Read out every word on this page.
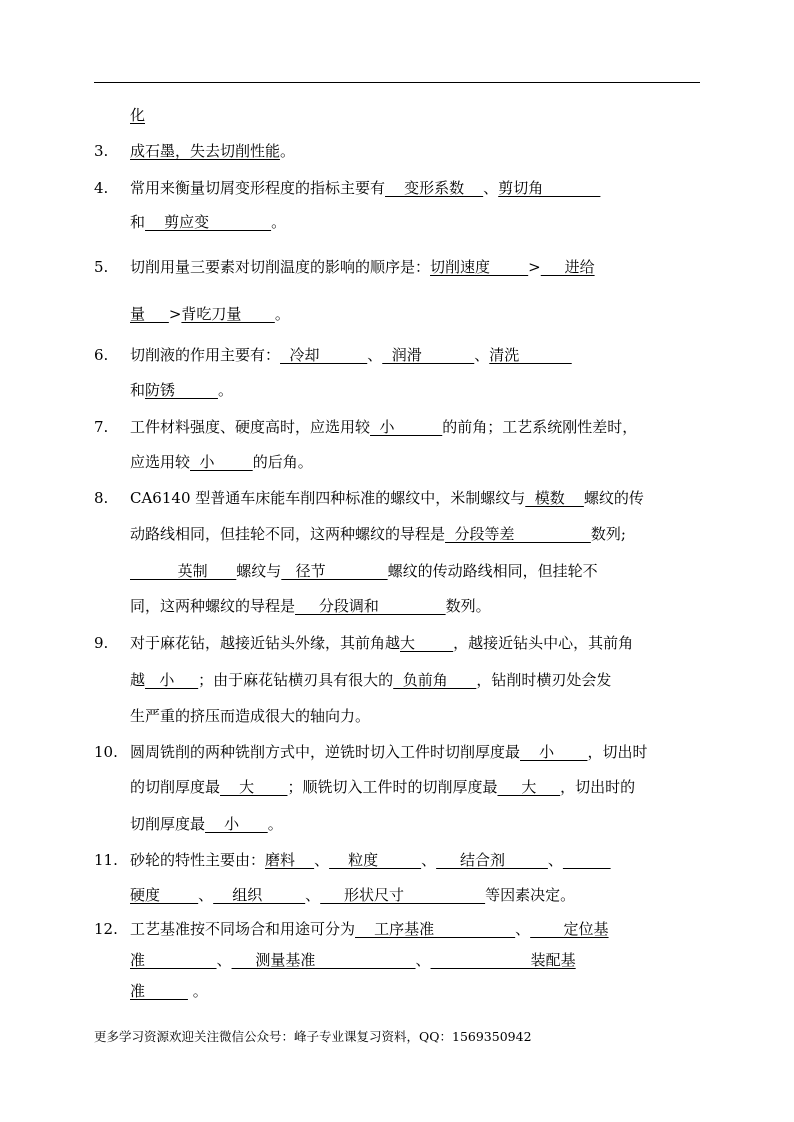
化
3. 成石墨，失去切削性能。
4. 常用来衡量切屑变形程度的指标主要有    变形系数    、剪切角
和    剪应变             。
5. 切削用量三要素对切削温度的影响的顺序是：切削速度        >     进给
量     >背吃刀量       。
6. 切削液的作用主要有：  冷却          、  润滑           、清洗
和防锈         。
7. 工件材料强度、硬度高时，应选用较  小          的前角；工艺系统刚性差时，
应选用较  小        的后角。
8. CA6140 型普通车床能车削四种标准的螺纹中，米制螺纹与  模数    螺纹的传
动路线相同，但挂轮不同，这两种螺纹的导程是  分段等差                数列;
英制      螺纹与   径节             螺纹的传动路线相同，但挂轮不
同，这两种螺纹的导程是     分段调和              数列。
9. 对于麻花钻，越接近钻头外缘，其前角越大        ，越接近钻头中心，其前角
越   小     ；由于麻花钻横刃具有很大的  负前角      ，钻削时横刃处会发
生严重的挤压而造成很大的轴向力。
10. 圆周铣削的两种铣削方式中，逆铣时切入工件时切削厚度最    小       ，切出时
的切削厚度最    大       ；顺铣切入工件时的切削厚度最     大     ，切出时的
切削厚度最    小      。
11. 砂轮的特性主要由：磨料    、    粒度         、     结合剂         、
硬度        、    组织         、     形状尺寸                 等因素决定。
12. 工艺基准按不同场合和用途可分为    工序基准                 、       定位基
准               、     测量基准                     、                     装配基
准          。
更多学习资源欢迎关注微信公众号：峰子专业课复习资料，QQ：1569350942
